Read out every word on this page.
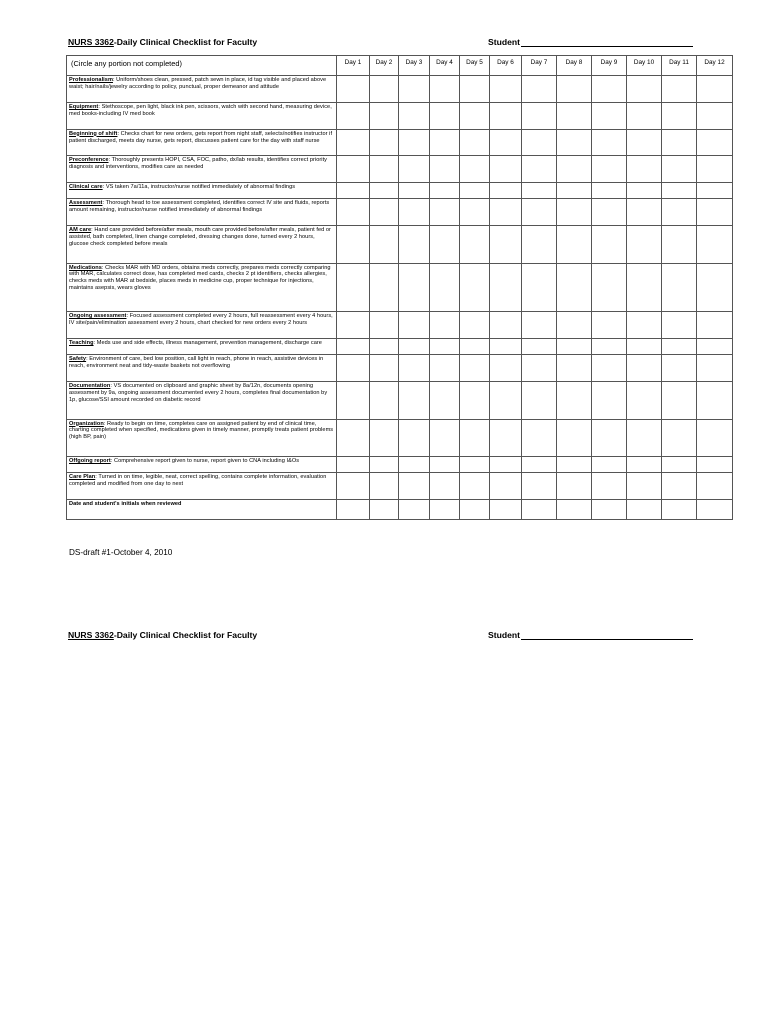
NURS 3362-Daily Clinical Checklist for Faculty	Student
(Circle any portion not completed)	Day 1	Day 2	Day 3	Day 4	Day 5	Day 6	Day 7	Day 8	Day 9	Day 10	Day 11	Day 12
Professionalism: Uniform/shoes clean, pressed, patch sewn in place, id tag visible and placed above waist; hair/nails/jewelry according to policy, punctual, proper demeanor and attitude												
Equipment: Stethoscope, pen light, black ink pen, scissors, watch with second hand, measuring device, med books-including IV med book												
Beginning of shift: Checks chart for new orders, gets report from night staff, selects/notifies instructor if patient discharged, meets day nurse, gets report, discusses patient care for the day with staff nurse												
Preconference: Thoroughly presents HOPI, CSA, FOC, patho, dx/lab results, identifies correct priority diagnosis and interventions, modifies care as needed												
Clinical care: VS taken 7a/11a, instructor/nurse notified immediately of abnormal findings												
Assessment: Thorough head to toe assessment completed, identifies correct IV site and fluids, reports amount remaining, instructor/nurse notified immediately of abnormal findings												
AM care: Hand care provided before/after meals, mouth care provided before/after meals, patient fed or assisted, bath completed, linen change completed, dressing changes done, turned every 2 hours, glucose check completed before meals												
Medications: Checks MAR with MD orders, obtains meds correctly, prepares meds correctly comparing with MAR, calculates correct dose, has completed med cards, checks 2 pt identifiers, checks allergies, checks meds with MAR at bedside, places meds in medicine cup, proper technique for injections, maintains asepsis, wears gloves												
Ongoing assessment: Focused assessment completed every 2 hours, full reassessment every 4 hours, IV site/pain/elimination assessment every 2 hours, chart checked for new orders every 2 hours												
Teaching: Meds use and side effects, illness management, prevention management, discharge care												
Safety: Environment of care, bed low position, call light in reach, phone in reach, assistive devices in reach, environment neat and tidy-waste baskets not overflowing												
Documentation: VS documented on clipboard and graphic sheet by 8a/12n, documents opening assessment by 9a, ongoing assessment documented every 2 hours, completes final documentation by 1p, glucose/SSI amount recorded on diabetic record												
Organization: Ready to begin on time, completes care on assigned patient by end of clinical time, charting completed when specified, medications given in timely manner, promptly treats patient problems (high BP, pain)												
Offgoing report: Comprehensive report given to nurse, report given to CNA including I&Os												
Care Plan: Turned in on time, legible, neat, correct spelling, contains complete information, evaluation completed and modified from one day to next												
Date and student's initials when reviewed												
DS-draft #1-October 4, 2010
NURS 3362-Daily Clinical Checklist for Faculty	Student
